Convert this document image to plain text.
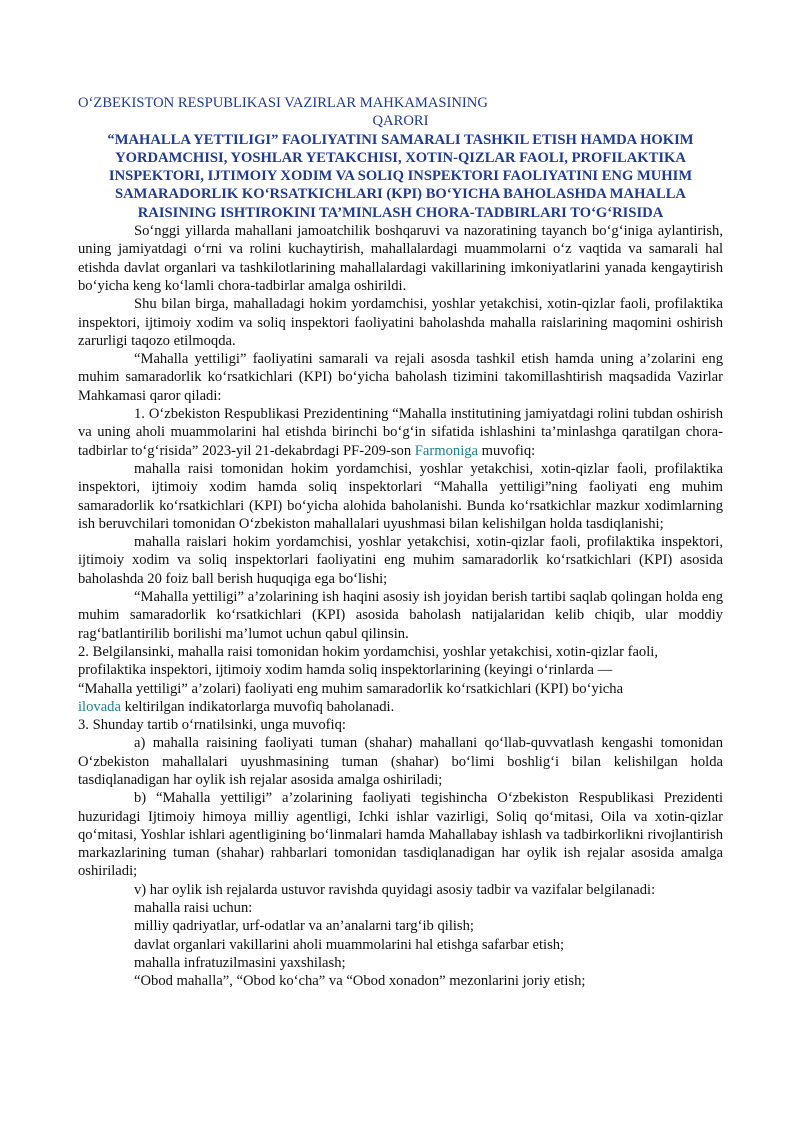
O‘ZBEKISTON RESPUBLIKASI VAZIRLAR MAHKAMASINING
QARORI

“MAHALLA YETTILIGI” FAOLIYATINI SAMARALI TASHKIL ETISH HAMDA HOKIM YORDAMCHISI, YOSHLAR YETAKCHISI, XOTIN-QIZLAR FAOLI, PROFILAKTIKA INSPEKTORI, IJTIMOIY XODIM VA SOLIQ INSPEKTORI FAOLIYATINI ENG MUHIM SAMARADORLIK KO‘RSATKICHLARI (KPI) BO‘YICHA BAHOLASHDA MAHALLA RAISINING ISHTIROKINI TA’MINLASH CHORA-TADBIRLARI TO‘G‘RISIDA

So‘nggi yillarda mahallani jamoatchilik boshqaruvi va nazoratining tayanch bo‘g‘iniga aylantirish, uning jamiyatdagi o‘rni va rolini kuchaytirish, mahallalardagi muammolarni o‘z vaqtida va samarali hal etishda davlat organlari va tashkilotlarining mahallalardagi vakillarining imkoniyatlarini yanada kengaytirish bo‘yicha keng ko‘lamli chora-tadbirlar amalga oshirildi.

Shu bilan birga, mahalladagi hokim yordamchisi, yoshlar yetakchisi, xotin-qizlar faoli, profilaktika inspektori, ijtimoiy xodim va soliq inspektori faoliyatini baholashda mahalla raislarining maqomini oshirish zarurligi taqozo etilmoqda.

“Mahalla yettiligi” faoliyatini samarali va rejali asosda tashkil etish hamda uning a’zolarini eng muhim samaradorlik ko‘rsatkichlari (KPI) bo‘yicha baholash tizimini takomillashtirish maqsadida Vazirlar Mahkamasi qaror qiladi:

1. O‘zbekiston Respublikasi Prezidentining “Mahalla institutining jamiyatdagi rolini tubdan oshirish va uning aholi muammolarini hal etishda birinchi bo‘g‘in sifatida ishlashini ta’minlashga qaratilgan chora-tadbirlar to‘g‘risida” 2023-yil 21-dekabrdagi PF-209-son Farmoniga muvofiq:

mahalla raisi tomonidan hokim yordamchisi, yoshlar yetakchisi, xotin-qizlar faoli, profilaktika inspektori, ijtimoiy xodim hamda soliq inspektorlari “Mahalla yettiligi”ning faoliyati eng muhim samaradorlik ko‘rsatkichlari (KPI) bo‘yicha alohida baholanishi. Bunda ko‘rsatkichlar mazkur xodimlarning ish beruvchilari tomonidan O‘zbekiston mahallalari uyushmasi bilan kelishilgan holda tasdiqlanishi;

mahalla raislari hokim yordamchisi, yoshlar yetakchisi, xotin-qizlar faoli, profilaktika inspektori, ijtimoiy xodim va soliq inspektorlari faoliyatini eng muhim samaradorlik ko‘rsatkichlari (KPI) asosida baholashda 20 foiz ball berish huquqiga ega bo‘lishi;

“Mahalla yettiligi” a’zolarining ish haqini asosiy ish joyidan berish tartibi saqlab qolingan holda eng muhim samaradorlik ko‘rsatkichlari (KPI) asosida baholash natijalaridan kelib chiqib, ular moddiy rag‘batlantirilib borilishi ma’lumot uchun qabul qilinsin.

2. Belgilansinki, mahalla raisi tomonidan hokim yordamchisi, yoshlar yetakchisi, xotin-qizlar faoli,
profilaktika inspektori, ijtimoiy xodim hamda soliq inspektorlarining (keyingi o‘rinlarda —
“Mahalla yettiligi” a’zolari) faoliyati eng muhim samaradorlik ko‘rsatkichlari (KPI) bo‘yicha
ilovada keltirilgan indikatorlarga muvofiq baholanadi.

3. Shunday tartib o‘rnatilsinki, unga muvofiq:

a) mahalla raisining faoliyati tuman (shahar) mahallani qo‘llab-quvvatlash kengashi tomonidan O‘zbekiston mahallalari uyushmasining tuman (shahar) bo‘limi boshlig‘i bilan kelishilgan holda tasdiqlanadigan har oylik ish rejalar asosida amalga oshiriladi;

b) “Mahalla yettiligi” a’zolarining faoliyati tegishincha O‘zbekiston Respublikasi Prezidenti huzuridagi Ijtimoiy himoya milliy agentligi, Ichki ishlar vazirligi, Soliq qo‘mitasi, Oila va xotin-qizlar qo‘mitasi, Yoshlar ishlari agentligining bo‘linmalari hamda Mahallabay ishlash va tadbirkorlikni rivojlantirish markazlarining tuman (shahar) rahbarlari tomonidan tasdiqlanadigan har oylik ish rejalar asosida amalga oshiriladi;

v) har oylik ish rejalarda ustuvor ravishda quyidagi asosiy tadbir va vazifalar belgilanadi:
mahalla raisi uchun:
milliy qadriyatlar, urf-odatlar va an’analarni targ‘ib qilish;
davlat organlari vakillarini aholi muammolarini hal etishga safarbar etish;
mahalla infratuzilmasini yaxshilash;
“Obod mahalla”, “Obod ko‘cha” va “Obod xonadon” mezonlarini joriy etish;
